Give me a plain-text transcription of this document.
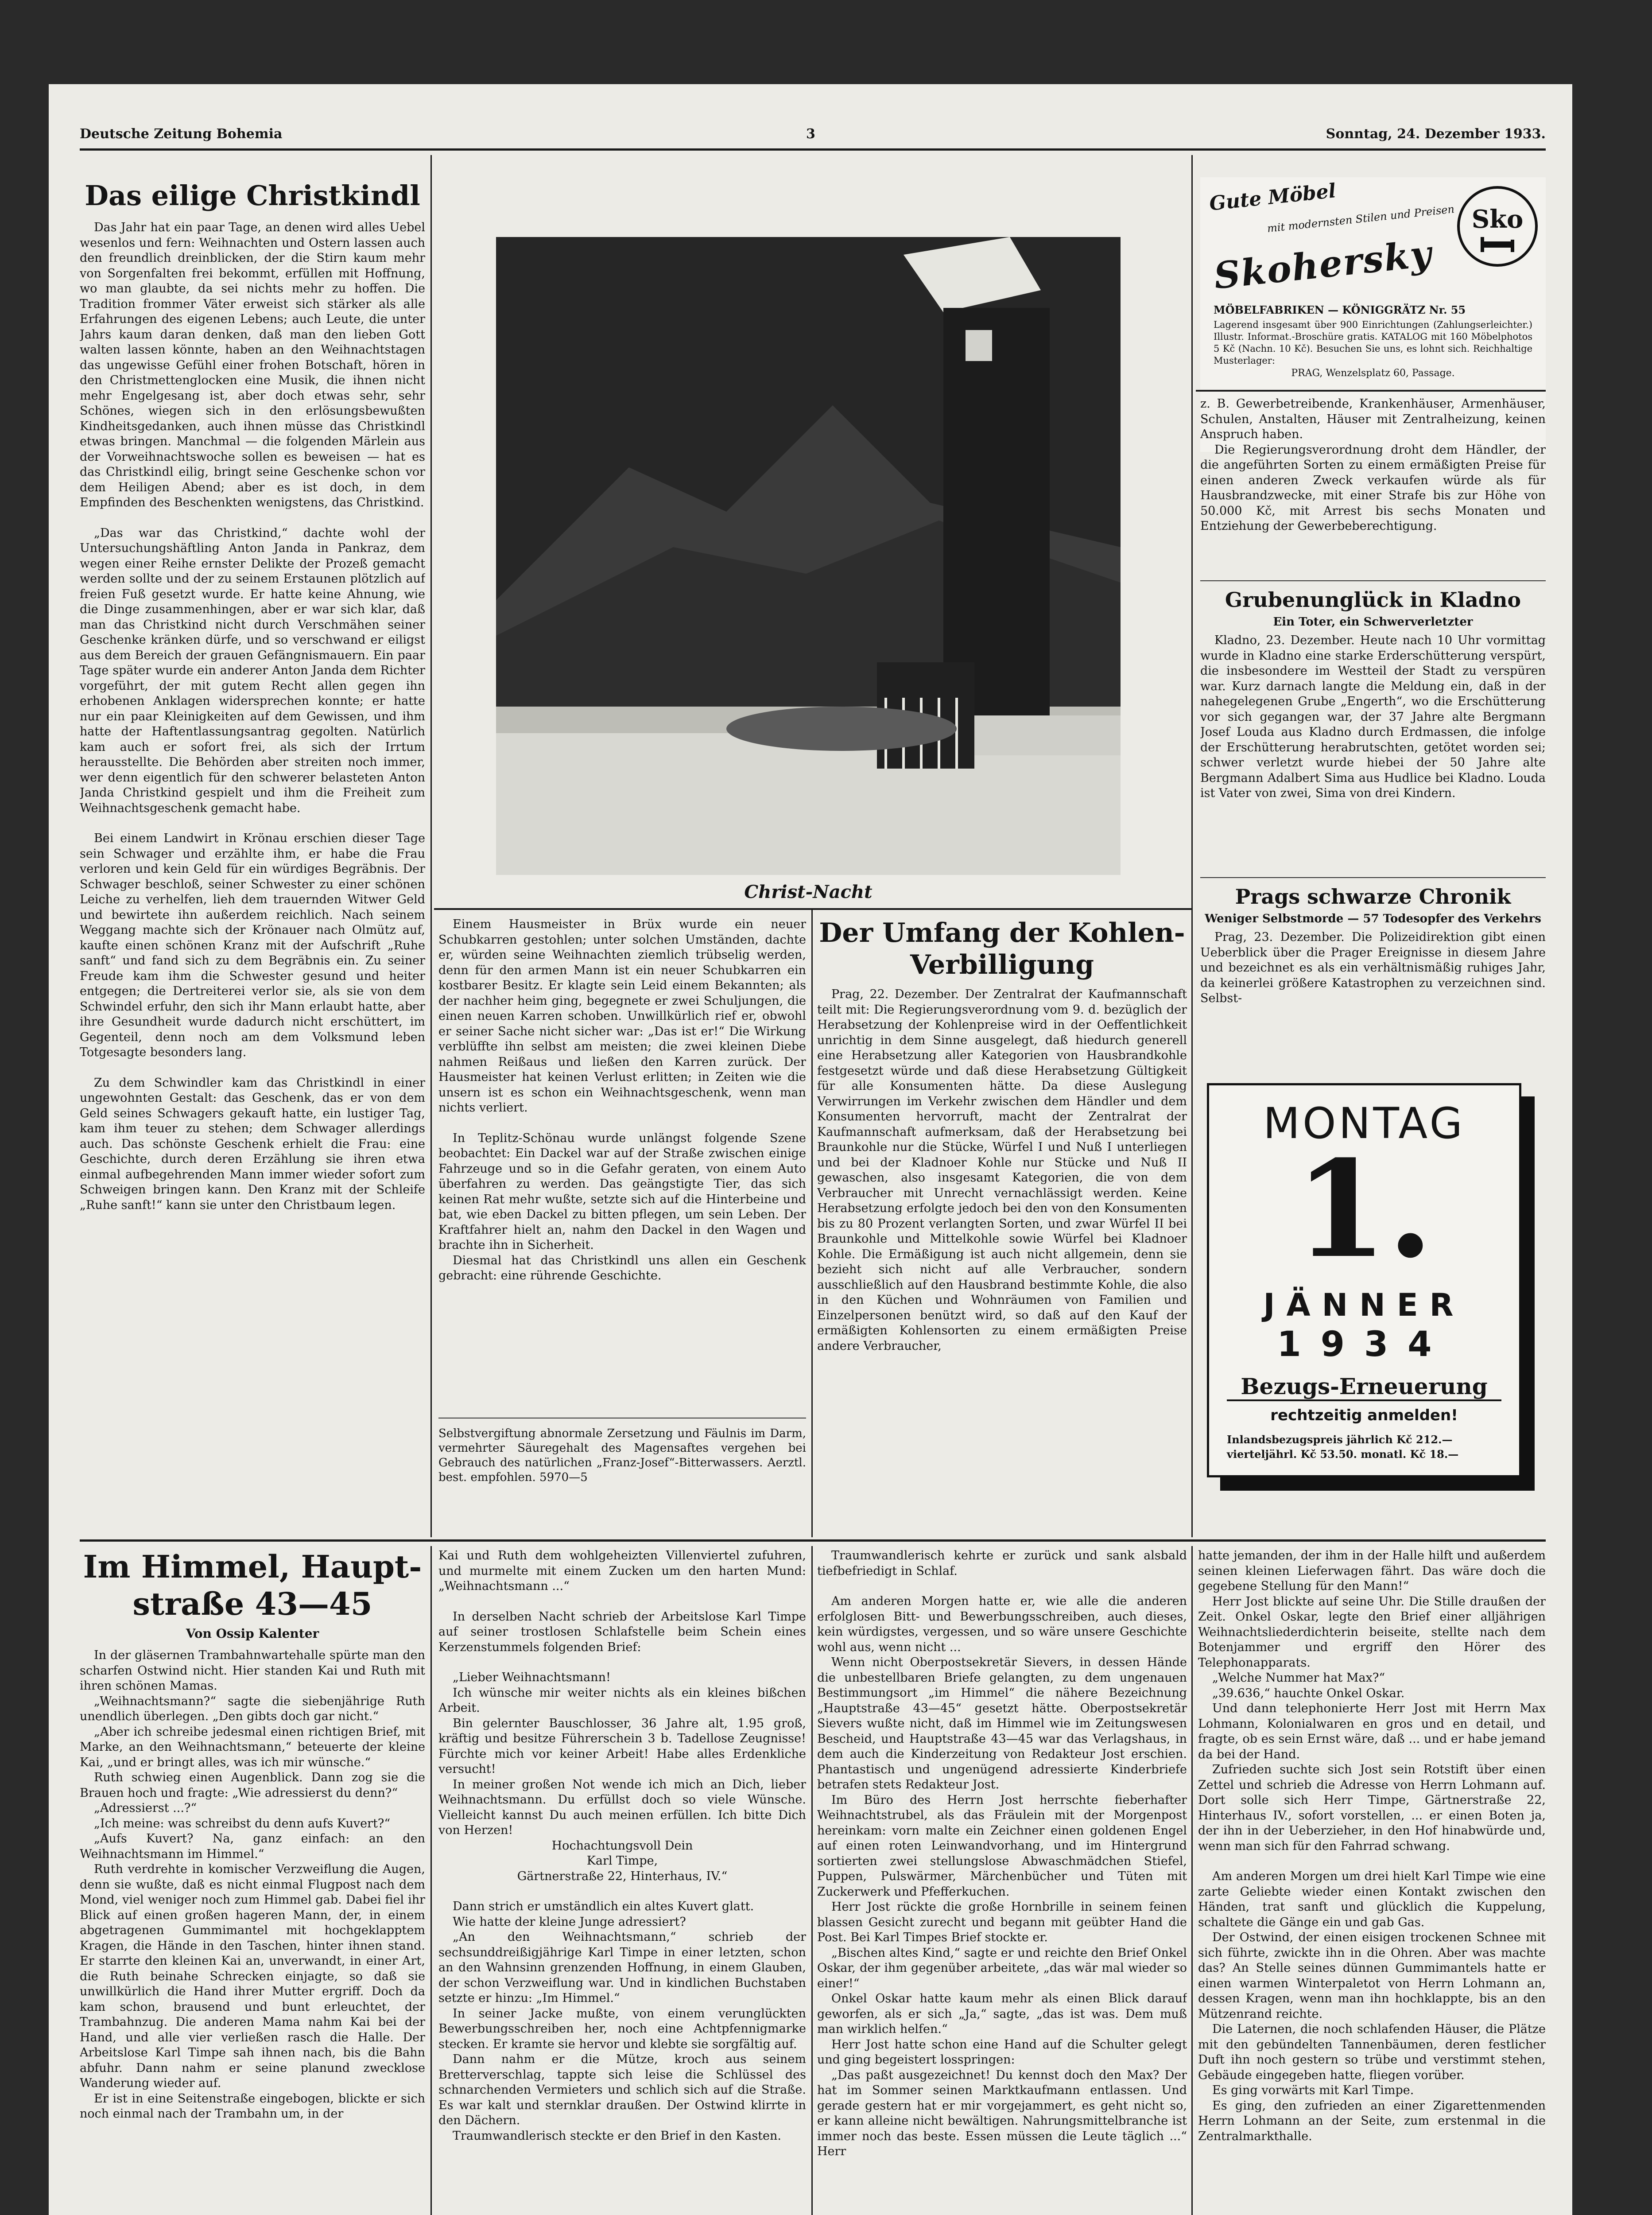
Deutsche Zeitung Bohemia	3	Sonntag, 24. Dezember 1933.
Das eilige Christkindl

Das Jahr hat ein paar Tage, an denen wird alles Uebel wesenlos und fern: Weihnachten und Ostern lassen auch den freundlich dreinblicken, der die Stirn kaum mehr von Sorgenfalten frei bekommt, erfüllen mit Hoffnung, wo man glaubte, da sei nichts mehr zu hoffen. Die Tradition frommer Väter erweist sich stärker als alle Erfahrungen des eigenen Lebens; auch Leute, die unter Jahrs kaum daran denken, daß man den lieben Gott walten lassen könnte, haben an den Weihnachtstagen das ungewisse Gefühl einer frohen Botschaft, hören in den Christmettenglocken eine Musik, die ihnen nicht mehr Engelgesang ist, aber doch etwas sehr, sehr Schönes, wiegen sich in den erlösungsbewußten Kindheitsgedanken, auch ihnen müsse das Christkindl etwas bringen. Manchmal — die folgenden Märlein aus der Vorweihnachtswoche sollen es beweisen — hat es das Christkindl eilig, bringt seine Geschenke schon vor dem Heiligen Abend; aber es ist doch, in dem Empfinden des Beschenkten wenigstens, das Christkind.

„Das war das Christkind,“ dachte wohl der Untersuchungshäftling Anton Janda in Pankraz, dem wegen einer Reihe ernster Delikte der Prozeß gemacht werden sollte und der zu seinem Erstaunen plötzlich auf freien Fuß gesetzt wurde. Er hatte keine Ahnung, wie die Dinge zusammenhingen, aber er war sich klar, daß man das Christkind nicht durch Verschmähen seiner Geschenke kränken dürfe, und so verschwand er eiligst aus dem Bereich der grauen Gefängnismauern. Ein paar Tage später wurde ein anderer Anton Janda dem Richter vorgeführt, der mit gutem Recht allen gegen ihn erhobenen Anklagen widersprechen konnte; er hatte nur ein paar Kleinigkeiten auf dem Gewissen, und ihm hatte der Haftentlassungsantrag gegolten. Natürlich kam auch er sofort frei, als sich der Irrtum herausstellte. Die Behörden aber streiten noch immer, wer denn eigentlich für den schwerer belasteten Anton Janda Christkind gespielt und ihm die Freiheit zum Weihnachtsgeschenk gemacht habe.

Bei einem Landwirt in Krönau erschien dieser Tage sein Schwager und erzählte ihm, er habe die Frau verloren und kein Geld für ein würdiges Begräbnis. Der Schwager beschloß, seiner Schwester zu einer schönen Leiche zu verhelfen, lieh dem trauernden Witwer Geld und bewirtete ihn außerdem reichlich. Nach seinem Weggang machte sich der Krönauer nach Olmütz auf, kaufte einen schönen Kranz mit der Aufschrift „Ruhe sanft“ und fand sich zu dem Begräbnis ein. Zu seiner Freude kam ihm die Schwester gesund und heiter entgegen; die Dertreiterei verlor sie, als sie von dem Schwindel erfuhr, den sich ihr Mann erlaubt hatte, aber ihre Gesundheit wurde dadurch nicht erschüttert, im Gegenteil, denn noch am dem Volksmund leben Totgesagte besonders lang.

Zu dem Schwindler kam das Christkindl in einer ungewohnten Gestalt: das Geschenk, das er von dem Geld seines Schwagers gekauft hatte, ein lustiger Tag, kam ihm teuer zu stehen; dem Schwager allerdings auch. Das schönste Geschenk erhielt die Frau: eine Geschichte, durch deren Erzählung sie ihren etwa einmal aufbegehrenden Mann immer wieder sofort zum Schweigen bringen kann. Den Kranz mit der Schleife „Ruhe sanft!“ kann sie unter den Christbaum legen.

Christ-Nacht

Einem Hausmeister in Brüx wurde ein neuer Schubkarren gestohlen; unter solchen Umständen, dachte er, würden seine Weihnachten ziemlich trübselig werden, denn für den armen Mann ist ein neuer Schubkarren ein kostbarer Besitz. Er klagte sein Leid einem Bekannten; als der nachher heim ging, begegnete er zwei Schuljungen, die einen neuen Karren schoben. Unwillkürlich rief er, obwohl er seiner Sache nicht sicher war: „Das ist er!“ Die Wirkung verblüffte ihn selbst am meisten; die zwei kleinen Diebe nahmen Reißaus und ließen den Karren zurück. Der Hausmeister hat keinen Verlust erlitten; in Zeiten wie die unsern ist es schon ein Weihnachtsgeschenk, wenn man nichts verliert.

In Teplitz-Schönau wurde unlängst folgende Szene beobachtet: Ein Dackel war auf der Straße zwischen einige Fahrzeuge und so in die Gefahr geraten, von einem Auto überfahren zu werden. Das geängstigte Tier, das sich keinen Rat mehr wußte, setzte sich auf die Hinterbeine und bat, wie eben Dackel zu bitten pflegen, um sein Leben. Der Kraftfahrer hielt an, nahm den Dackel in den Wagen und brachte ihn in Sicherheit.

Diesmal hat das Christkindl uns allen ein Geschenk gebracht: eine rührende Geschichte.

Selbstvergiftung abnormale Zersetzung und Fäulnis im Darm, vermehrter Säuregehalt des Magensaftes vergehen bei Gebrauch des natürlichen „Franz-Josef“-Bitterwassers. Aerztl. best. empfohlen. 5970—5
Der Umfang der Kohlen-
Verbilligung

Prag, 22. Dezember. Der Zentralrat der Kaufmannschaft teilt mit: Die Regierungsverordnung vom 9. d. bezüglich der Herabsetzung der Kohlenpreise wird in der Oeffentlichkeit unrichtig in dem Sinne ausgelegt, daß hiedurch generell eine Herabsetzung aller Kategorien von Hausbrandkohle festgesetzt würde und daß diese Herabsetzung Gültigkeit für alle Konsumenten hätte. Da diese Auslegung Verwirrungen im Verkehr zwischen dem Händler und dem Konsumenten hervorruft, macht der Zentralrat der Kaufmannschaft aufmerksam, daß der Herabsetzung bei Braunkohle nur die Stücke, Würfel I und Nuß I unterliegen und bei der Kladnoer Kohle nur Stücke und Nuß II gewaschen, also insgesamt Kategorien, die von dem Verbraucher mit Unrecht vernachlässigt werden. Keine Herabsetzung erfolgte jedoch bei den von den Konsumenten bis zu 80 Prozent verlangten Sorten, und zwar Würfel II bei Braunkohle und Mittelkohle sowie Würfel bei Kladnoer Kohle. Die Ermäßigung ist auch nicht allgemein, denn sie bezieht sich nicht auf alle Verbraucher, sondern ausschließlich auf den Hausbrand bestimmte Kohle, die also in den Küchen und Wohnräumen von Familien und Einzelpersonen benützt wird, so daß auf den Kauf der ermäßigten Kohlensorten zu einem ermäßigten Preise andere Verbraucher,

Gute Möbel
mit modernsten Stilen und Preisen
Skohersky
Sko
MÖBELFABRIKEN — KÖNIGGRÄTZ Nr. 55
Lagerend insgesamt über 900 Einrichtungen (Zahlungserleichter.) Illustr. Informat.-Broschüre gratis. KATALOG mit 160 Möbelphotos 5 Kč (Nachn. 10 Kč). Besuchen Sie uns, es lohnt sich. Reichhaltige Musterlager:
PRAG, Wenzelsplatz 60, Passage.

z. B. Gewerbetreibende, Krankenhäuser, Armenhäuser, Schulen, Anstalten, Häuser mit Zentralheizung, keinen Anspruch haben.

Die Regierungsverordnung droht dem Händler, der die angeführten Sorten zu einem ermäßigten Preise für einen anderen Zweck verkaufen würde als für Hausbrandzwecke, mit einer Strafe bis zur Höhe von 50.000 Kč, mit Arrest bis sechs Monaten und Entziehung der Gewerbeberechtigung.

Grubenunglück in Kladno
Ein Toter, ein Schwerverletzter

Kladno, 23. Dezember. Heute nach 10 Uhr vormittag wurde in Kladno eine starke Erderschütterung verspürt, die insbesondere im Westteil der Stadt zu verspüren war. Kurz darnach langte die Meldung ein, daß in der nahegelegenen Grube „Engerth“, wo die Erschütterung vor sich gegangen war, der 37 Jahre alte Bergmann Josef Louda aus Kladno durch Erdmassen, die infolge der Erschütterung herabrutschten, getötet worden sei; schwer verletzt wurde hiebei der 50 Jahre alte Bergmann Adalbert Sima aus Hudlice bei Kladno. Louda ist Vater von zwei, Sima von drei Kindern.

Prags schwarze Chronik
Weniger Selbstmorde — 57 Todesopfer des Verkehrs

Prag, 23. Dezember. Die Polizeidirektion gibt einen Ueberblick über die Prager Ereignisse in diesem Jahre und bezeichnet es als ein verhältnismäßig ruhiges Jahr, da keinerlei größere Katastrophen zu verzeichnen sind. Selbst-

MONTAG
1.
JÄNNER
1934
Bezugs-Erneuerung
rechtzeitig anmelden!
Inlandsbezugspreis jährlich Kč 212.—
vierteljährl. Kč 53.50. monatl. Kč 18.—
Im Himmel, Haupt-
straße 43—45
Von Ossip Kalenter

In der gläsernen Trambahnwartehalle spürte man den scharfen Ostwind nicht. Hier standen Kai und Ruth mit ihren schönen Mamas.

„Weihnachtsmann?“ sagte die siebenjährige Ruth unendlich überlegen. „Den gibts doch gar nicht.“

„Aber ich schreibe jedesmal einen richtigen Brief, mit Marke, an den Weihnachtsmann,“ beteuerte der kleine Kai, „und er bringt alles, was ich mir wünsche.“

Ruth schwieg einen Augenblick. Dann zog sie die Brauen hoch und fragte: „Wie adressierst du denn?“

„Adressierst ...?“

„Ich meine: was schreibst du denn aufs Kuvert?“

„Aufs Kuvert? Na, ganz einfach: an den Weihnachtsmann im Himmel.“

Ruth verdrehte in komischer Verzweiflung die Augen, denn sie wußte, daß es nicht einmal Flugpost nach dem Mond, viel weniger noch zum Himmel gab. Dabei fiel ihr Blick auf einen großen hageren Mann, der, in einem abgetragenen Gummimantel mit hochgeklapptem Kragen, die Hände in den Taschen, hinter ihnen stand. Er starrte den kleinen Kai an, unverwandt, in einer Art, die Ruth beinahe Schrecken einjagte, so daß sie unwillkürlich die Hand ihrer Mutter ergriff. Doch da kam schon, brausend und bunt erleuchtet, der Trambahnzug. Die anderen Mama nahm Kai bei der Hand, und alle vier verließen rasch die Halle. Der Arbeitslose Karl Timpe sah ihnen nach, bis die Bahn abfuhr. Dann nahm er seine planund zwecklose Wanderung wieder auf.

Er ist in eine Seitenstraße eingebogen, blickte er sich noch einmal nach der Trambahn um, in der

Kai und Ruth dem wohlgeheizten Villenviertel zufuhren, und murmelte mit einem Zucken um den harten Mund: „Weihnachtsmann ...“

In derselben Nacht schrieb der Arbeitslose Karl Timpe auf seiner trostlosen Schlafstelle beim Schein eines Kerzenstummels folgenden Brief:

„Lieber Weihnachtsmann!

Ich wünsche mir weiter nichts als ein kleines bißchen Arbeit.

Bin gelernter Bauschlosser, 36 Jahre alt, 1.95 groß, kräftig und besitze Führerschein 3 b. Tadellose Zeugnisse! Fürchte mich vor keiner Arbeit! Habe alles Erdenkliche versucht!

In meiner großen Not wende ich mich an Dich, lieber Weihnachtsmann. Du erfüllst doch so viele Wünsche. Vielleicht kannst Du auch meinen erfüllen. Ich bitte Dich von Herzen!

Hochachtungsvoll Dein

Karl Timpe,

Gärtnerstraße 22, Hinterhaus, IV.“

Dann strich er umständlich ein altes Kuvert glatt.

Wie hatte der kleine Junge adressiert?

„An den Weihnachtsmann,“ schrieb der sechsunddreißigjährige Karl Timpe in einer letzten, schon an den Wahnsinn grenzenden Hoffnung, in einem Glauben, der schon Verzweiflung war. Und in kindlichen Buchstaben setzte er hinzu: „Im Himmel.“

In seiner Jacke mußte, von einem verunglückten Bewerbungsschreiben her, noch eine Achtpfennigmarke stecken. Er kramte sie hervor und klebte sie sorgfältig auf.

Dann nahm er die Mütze, kroch aus seinem Bretterverschlag, tappte sich leise die Schlüssel des schnarchenden Vermieters und schlich sich auf die Straße. Es war kalt und sternklar draußen. Der Ostwind klirrte in den Dächern.

Traumwandlerisch steckte er den Brief in den Kasten.

Traumwandlerisch kehrte er zurück und sank alsbald tiefbefriedigt in Schlaf.

Am anderen Morgen hatte er, wie alle die anderen erfolglosen Bitt- und Bewerbungsschreiben, auch dieses, kein würdigstes, vergessen, und so wäre unsere Geschichte wohl aus, wenn nicht ...

Wenn nicht Oberpostsekretär Sievers, in dessen Hände die unbestellbaren Briefe gelangten, zu dem ungenauen Bestimmungsort „im Himmel“ die nähere Bezeichnung „Hauptstraße 43—45“ gesetzt hätte. Oberpostsekretär Sievers wußte nicht, daß im Himmel wie im Zeitungswesen Bescheid, und Hauptstraße 43—45 war das Verlagshaus, in dem auch die Kinderzeitung von Redakteur Jost erschien. Phantastisch und ungenügend adressierte Kinderbriefe betrafen stets Redakteur Jost.

Im Büro des Herrn Jost herrschte fieberhafter Weihnachtstrubel, als das Fräulein mit der Morgenpost hereinkam: vorn malte ein Zeichner einen goldenen Engel auf einen roten Leinwandvorhang, und im Hintergrund sortierten zwei stellungslose Abwaschmädchen Stiefel, Puppen, Pulswärmer, Märchenbücher und Tüten mit Zuckerwerk und Pfefferkuchen.

Herr Jost rückte die große Hornbrille in seinem feinen blassen Gesicht zurecht und begann mit geübter Hand die Post. Bei Karl Timpes Brief stockte er.

„Bischen altes Kind,“ sagte er und reichte den Brief Onkel Oskar, der ihm gegenüber arbeitete, „das wär mal wieder so einer!“

Onkel Oskar hatte kaum mehr als einen Blick darauf geworfen, als er sich „Ja,“ sagte, „das ist was. Dem muß man wirklich helfen.“

Herr Jost hatte schon eine Hand auf die Schulter gelegt und ging begeistert losspringen:

„Das paßt ausgezeichnet! Du kennst doch den Max? Der hat im Sommer seinen Marktkaufmann entlassen. Und gerade gestern hat er mir vorgejammert, es geht nicht so, er kann alleine nicht bewältigen. Nahrungsmittelbranche ist immer noch das beste. Essen müssen die Leute täglich ...“ Herr

hatte jemanden, der ihm in der Halle hilft und außerdem seinen kleinen Lieferwagen fährt. Das wäre doch die gegebene Stellung für den Mann!“

Herr Jost blickte auf seine Uhr. Die Stille draußen der Zeit. Onkel Oskar, legte den Brief einer alljährigen Weihnachtsliederdichterin beiseite, stellte nach dem Botenjammer und ergriff den Hörer des Telephonapparats.

„Welche Nummer hat Max?“

„39.636,“ hauchte Onkel Oskar.

Und dann telephonierte Herr Jost mit Herrn Max Lohmann, Kolonialwaren en gros und en detail, und fragte, ob es sein Ernst wäre, daß ... und er habe jemand da bei der Hand.

Zufrieden suchte sich Jost sein Rotstift über einen Zettel und schrieb die Adresse von Herrn Lohmann auf. Dort solle sich Herr Timpe, Gärtnerstraße 22, Hinterhaus IV., sofort vorstellen, ... er einen Boten ja, der ihn in der Ueberzieher, in den Hof hinabwürde und, wenn man sich für den Fahrrad schwang.

Am anderen Morgen um drei hielt Karl Timpe wie eine zarte Geliebte wieder einen Kontakt zwischen den Händen, trat sanft und glücklich die Kuppelung, schaltete die Gänge ein und gab Gas.

Der Ostwind, der einen eisigen trockenen Schnee mit sich führte, zwickte ihn in die Ohren. Aber was machte das? An Stelle seines dünnen Gummimantels hatte er einen warmen Winterpaletot von Herrn Lohmann an, dessen Kragen, wenn man ihn hochklappte, bis an den Mützenrand reichte.

Die Laternen, die noch schlafenden Häuser, die Plätze mit den gebündelten Tannenbäumen, deren festlicher Duft ihn noch gestern so trübe und verstimmt stehen, Gebäude eingegeben hatte, fliegen vorüber.

Es ging vorwärts mit Karl Timpe.

Es ging, den zufrieden an einer Zigarettenmenden Herrn Lohmann an der Seite, zum erstenmal in die Zentralmarkthalle.
